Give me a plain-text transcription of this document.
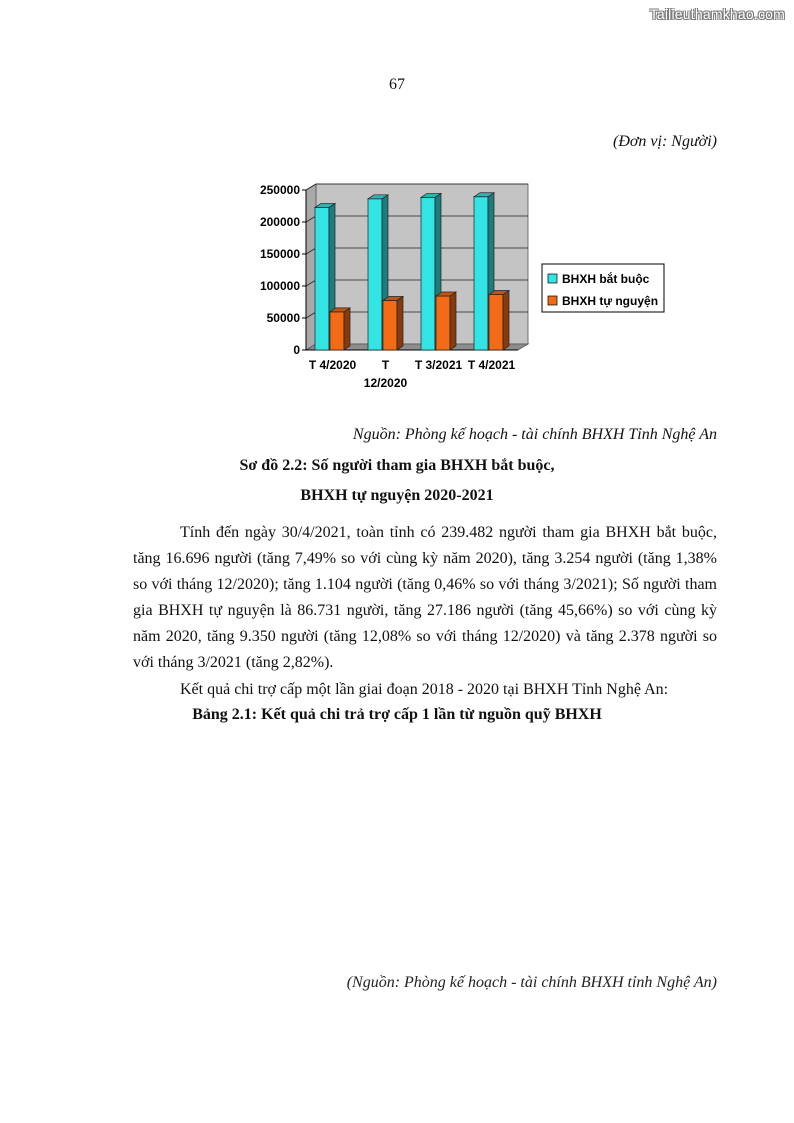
Tailieuthamkhao.com
67
(Đơn vị: Người)
0
50000
100000
150000
200000
250000
T 4/2020 T
12/2020
T 3/2021 T 4/2021
BHXH bắt buộc
BHXH tự nguyện
Nguồn: Phòng kế hoạch - tài chính BHXH Tỉnh Nghệ An
Sơ đồ 2.2: Số người tham gia BHXH bắt buộc,
BHXH tự nguyện 2020-2021

Tính đến ngày 30/4/2021, toàn tỉnh có 239.482 người tham gia BHXH bắt buộc, tăng 16.696 người (tăng 7,49% so với cùng kỳ năm 2020), tăng 3.254 người (tăng 1,38% so với tháng 12/2020); tăng 1.104 người (tăng 0,46% so với tháng 3/2021); Số người tham gia BHXH tự nguyện là 86.731 người, tăng 27.186 người (tăng 45,66%) so với cùng kỳ năm 2020, tăng 9.350 người (tăng 12,08% so với tháng 12/2020) và tăng 2.378 người so với tháng 3/2021 (tăng 2,82%).

Kết quả chi trợ cấp một lần giai đoạn 2018 - 2020 tại BHXH Tỉnh Nghệ An:

Bảng 2.1: Kết quả chi trả trợ cấp 1 lần từ nguồn quỹ BHXH
(Nguồn: Phòng kế hoạch - tài chính BHXH tỉnh Nghệ An)
